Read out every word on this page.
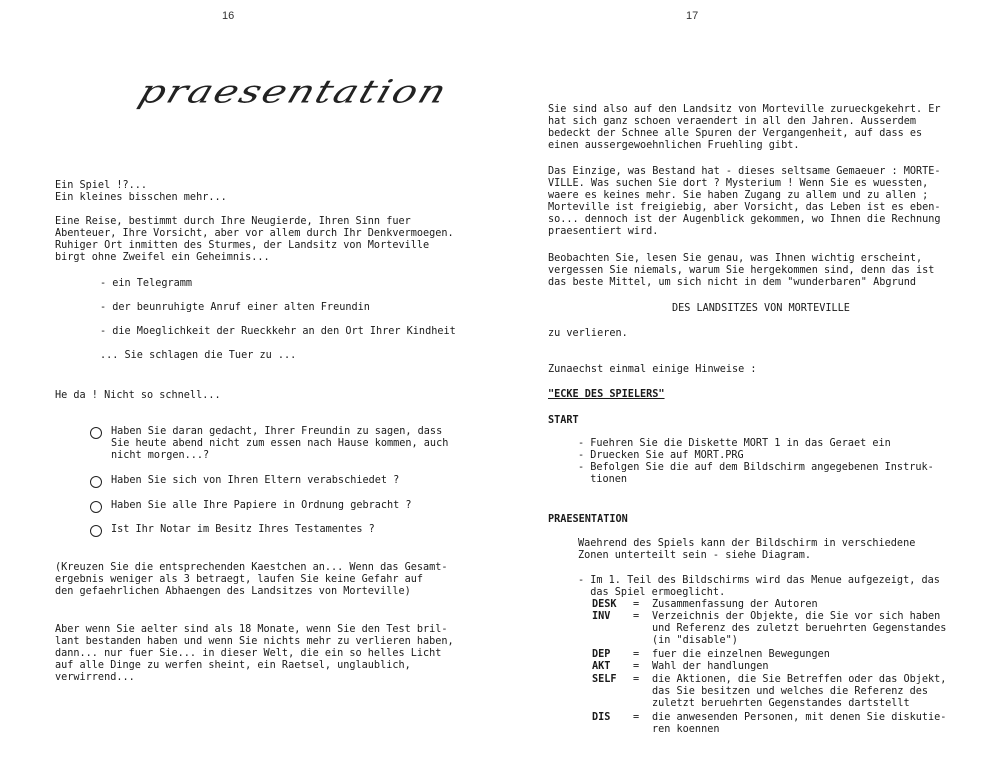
16
praesentation
Ein Spiel !?...
Ein kleines bisschen mehr...
Eine Reise, bestimmt durch Ihre Neugierde, Ihren Sinn fuer
Abenteuer, Ihre Vorsicht, aber vor allem durch Ihr Denkvermoegen.
Ruhiger Ort inmitten des Sturmes, der Landsitz von Morteville
birgt ohne Zweifel ein Geheimnis...
- ein Telegramm
- der beunruhigte Anruf einer alten Freundin
- die Moeglichkeit der Rueckkehr an den Ort Ihrer Kindheit
... Sie schlagen die Tuer zu ...
He da ! Nicht so schnell...
Haben Sie daran gedacht, Ihrer Freundin zu sagen, dass
Sie heute abend nicht zum essen nach Hause kommen, auch
nicht morgen...?
Haben Sie sich von Ihren Eltern verabschiedet ?
Haben Sie alle Ihre Papiere in Ordnung gebracht ?
Ist Ihr Notar im Besitz Ihres Testamentes ?
(Kreuzen Sie die entsprechenden Kaestchen an... Wenn das Gesamt-
ergebnis weniger als 3 betraegt, laufen Sie keine Gefahr auf
den gefaehrlichen Abhaengen des Landsitzes von Morteville)
Aber wenn Sie aelter sind als 18 Monate, wenn Sie den Test bril-
lant bestanden haben und wenn Sie nichts mehr zu verlieren haben,
dann... nur fuer Sie... in dieser Welt, die ein so helles Licht
auf alle Dinge zu werfen sheint, ein Raetsel, unglaublich,
verwirrend...
17
Sie sind also auf den Landsitz von Morteville zurueckgekehrt. Er
hat sich ganz schoen veraendert in all den Jahren. Ausserdem
bedeckt der Schnee alle Spuren der Vergangenheit, auf dass es
einen aussergewoehnlichen Fruehling gibt.
Das Einzige, was Bestand hat - dieses seltsame Gemaeuer : MORTE-
VILLE. Was suchen Sie dort ? Mysterium ! Wenn Sie es wuessten,
waere es keines mehr. Sie haben Zugang zu allem und zu allen ;
Morteville ist freigiebig, aber Vorsicht, das Leben ist es eben-
so... dennoch ist der Augenblick gekommen, wo Ihnen die Rechnung
praesentiert wird.
Beobachten Sie, lesen Sie genau, was Ihnen wichtig erscheint,
vergessen Sie niemals, warum Sie hergekommen sind, denn das ist
das beste Mittel, um sich nicht in dem "wunderbaren" Abgrund
DES LANDSITZES VON MORTEVILLE
zu verlieren.
Zunaechst einmal einige Hinweise :
"ECKE DES SPIELERS"
START
- Fuehren Sie die Diskette MORT 1 in das Geraet ein
- Druecken Sie auf MORT.PRG
- Befolgen Sie die auf dem Bildschirm angegebenen Instruk-
tionen
PRAESENTATION
Waehrend des Spiels kann der Bildschirm in verschiedene
Zonen unterteilt sein - siehe Diagram.
- Im 1. Teil des Bildschirms wird das Menue aufgezeigt, das
das Spiel ermoeglicht.
DESK = Zusammenfassung der Autoren
INV = Verzeichnis der Objekte, die Sie vor sich haben
und Referenz des zuletzt beruehrten Gegenstandes
(in "disable")
DEP = fuer die einzelnen Bewegungen
AKT = Wahl der handlungen
SELF = die Aktionen, die Sie Betreffen oder das Objekt,
das Sie besitzen und welches die Referenz des
zuletzt beruehrten Gegenstandes dartstellt
DIS = die anwesenden Personen, mit denen Sie diskutie-
ren koennen
